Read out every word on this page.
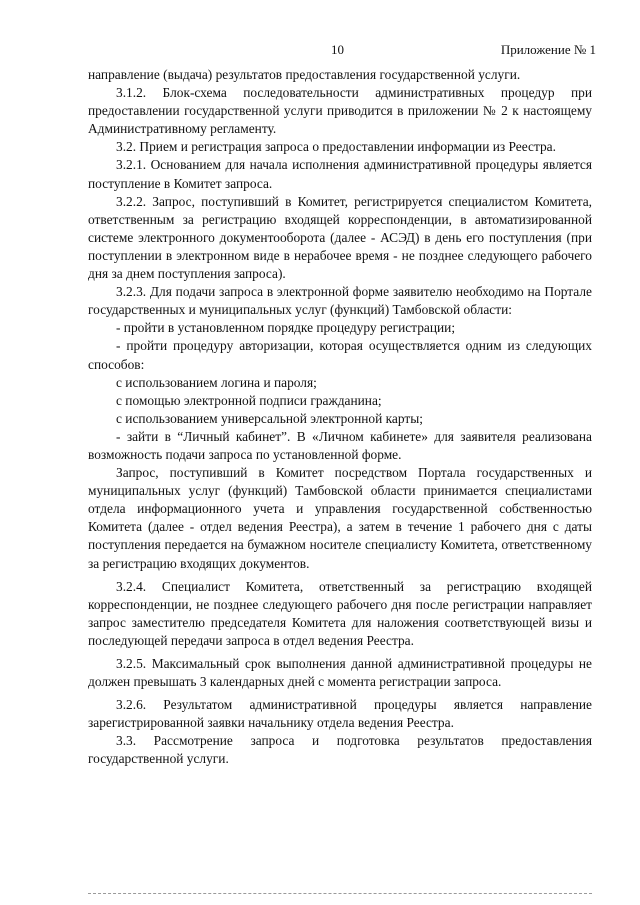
10	Приложение № 1

направление (выдача) результатов предоставления государственной услуги.

3.1.2. Блок-схема последовательности административных процедур при предоставлении государственной услуги приводится в приложении № 2 к настоящему Административному регламенту.

3.2. Прием и регистрация запроса о предоставлении информации из Реестра.

3.2.1. Основанием для начала исполнения административной процедуры является поступление в Комитет запроса.

3.2.2. Запрос, поступивший в Комитет, регистрируется специалистом Комитета, ответственным за регистрацию входящей корреспонденции, в автоматизированной системе электронного документооборота (далее - АСЭД) в день его поступления (при поступлении в электронном виде в нерабочее время - не позднее следующего рабочего дня за днем поступления запроса).

3.2.3. Для подачи запроса в электронной форме заявителю необходимо на Портале государственных и муниципальных услуг (функций) Тамбовской области:

- пройти в установленном порядке процедуру регистрации;

- пройти процедуру авторизации, которая осуществляется одним из следующих способов:

с использованием логина и пароля;

с помощью электронной подписи гражданина;

с использованием универсальной электронной карты;

- зайти в “Личный кабинет”. В «Личном кабинете» для заявителя реализована возможность подачи запроса по установленной форме.

Запрос, поступивший в Комитет посредством Портала государственных и муниципальных услуг (функций) Тамбовской области принимается специалистами отдела информационного учета и управления государственной собственностью Комитета (далее - отдел ведения Реестра), а затем в течение 1 рабочего дня с даты поступления передается на бумажном носителе специалисту Комитета, ответственному за регистрацию входящих документов.

3.2.4. Специалист Комитета, ответственный за регистрацию входящей корреспонденции, не позднее следующего рабочего дня после регистрации направляет запрос заместителю председателя Комитета для наложения соответствующей визы и последующей передачи запроса в отдел ведения Реестра.

3.2.5. Максимальный срок выполнения данной административной процедуры не должен превышать 3 календарных дней с момента регистрации запроса.

3.2.6. Результатом административной процедуры является направление зарегистрированной заявки начальнику отдела ведения Реестра.

3.3. Рассмотрение запроса и подготовка результатов предоставления государственной услуги.
